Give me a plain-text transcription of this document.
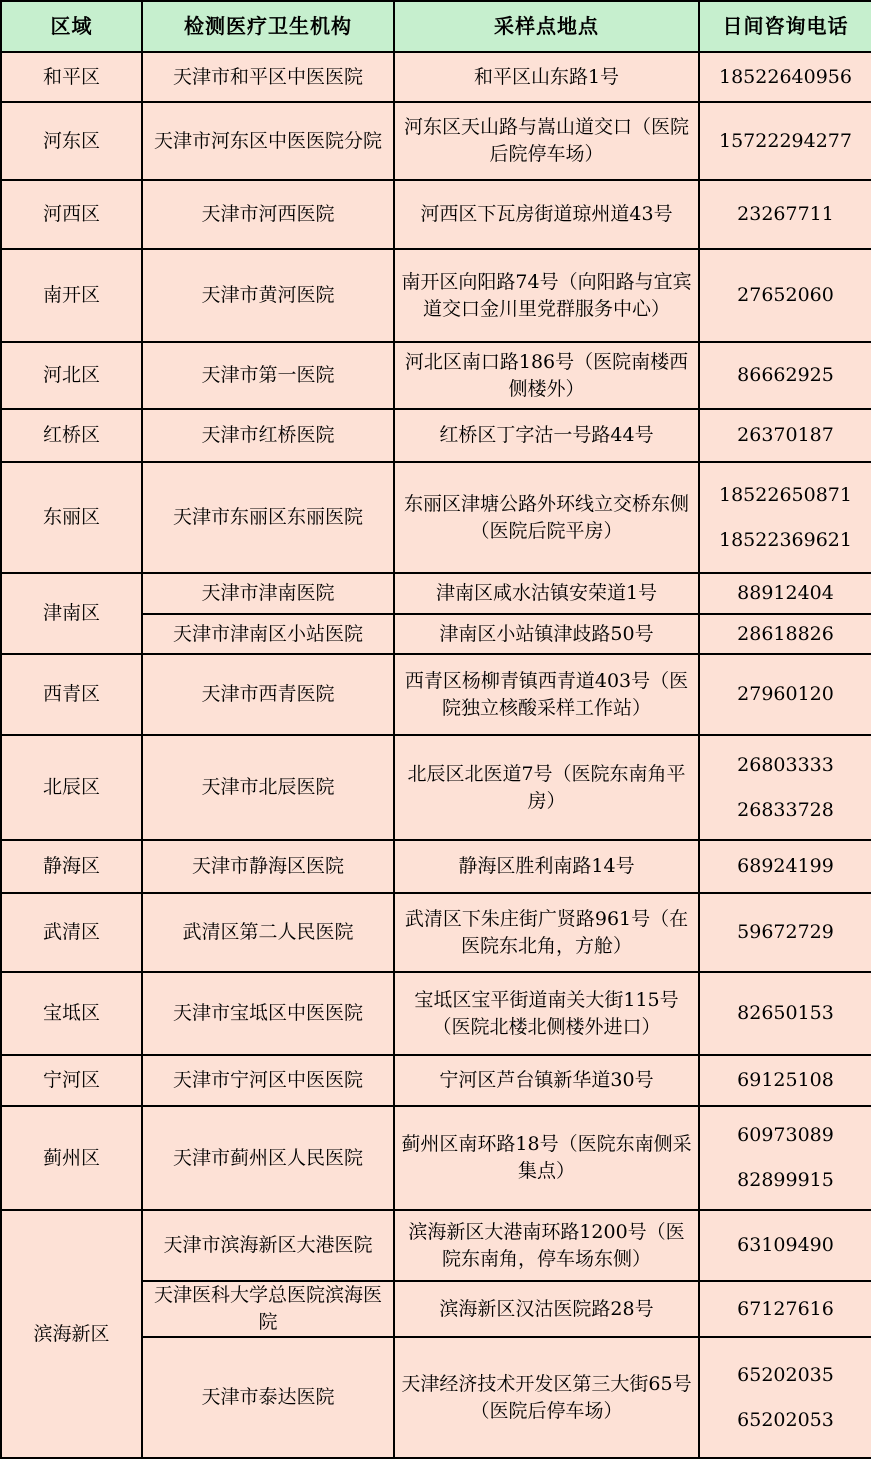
区域	检测医疗卫生机构	采样点地点	日间咨询电话
和平区	天津市和平区中医医院	和平区山东路1号	18522640956

河东区	天津市河东区中医医院分院	河东区天山路与嵩山道交口（医院后院停车场）	15722294277

河西区	天津市河西医院	河西区下瓦房街道琼州道43号	23267711

南开区	天津市黄河医院	南开区向阳路74号（向阳路与宜宾道交口金川里党群服务中心）	27652060

河北区	天津市第一医院	河北区南口路186号（医院南楼西侧楼外）	86662925

红桥区	天津市红桥医院	红桥区丁字沽一号路44号	26370187

东丽区	天津市东丽区东丽医院	东丽区津塘公路外环线立交桥东侧（医院后院平房）	18522650871
18522369621

津南区	天津市津南医院	津南区咸水沽镇安荣道1号	88912404

	天津市津南区小站医院	津南区小站镇津歧路50号	28618826

西青区	天津市西青医院	西青区杨柳青镇西青道403号（医院独立核酸采样工作站）	27960120

北辰区	天津市北辰医院	北辰区北医道7号（医院东南角平房）	26803333
26833728

静海区	天津市静海区医院	静海区胜利南路14号	68924199

武清区	武清区第二人民医院	武清区下朱庄街广贤路961号（在医院东北角，方舱）	59672729

宝坻区	天津市宝坻区中医医院	宝坻区宝平街道南关大街115号（医院北楼北侧楼外进口）	82650153

宁河区	天津市宁河区中医医院	宁河区芦台镇新华道30号	69125108

蓟州区	天津市蓟州区人民医院	蓟州区南环路18号（医院东南侧采集点）	60973089
82899915

滨海新区	天津市滨海新区大港医院	滨海新区大港南环路1200号（医院东南角，停车场东侧）	63109490

	天津医科大学总医院滨海医院	滨海新区汉沽医院路28号	67127616

	天津市泰达医院	天津经济技术开发区第三大街65号（医院后停车场）	65202035
65202053
